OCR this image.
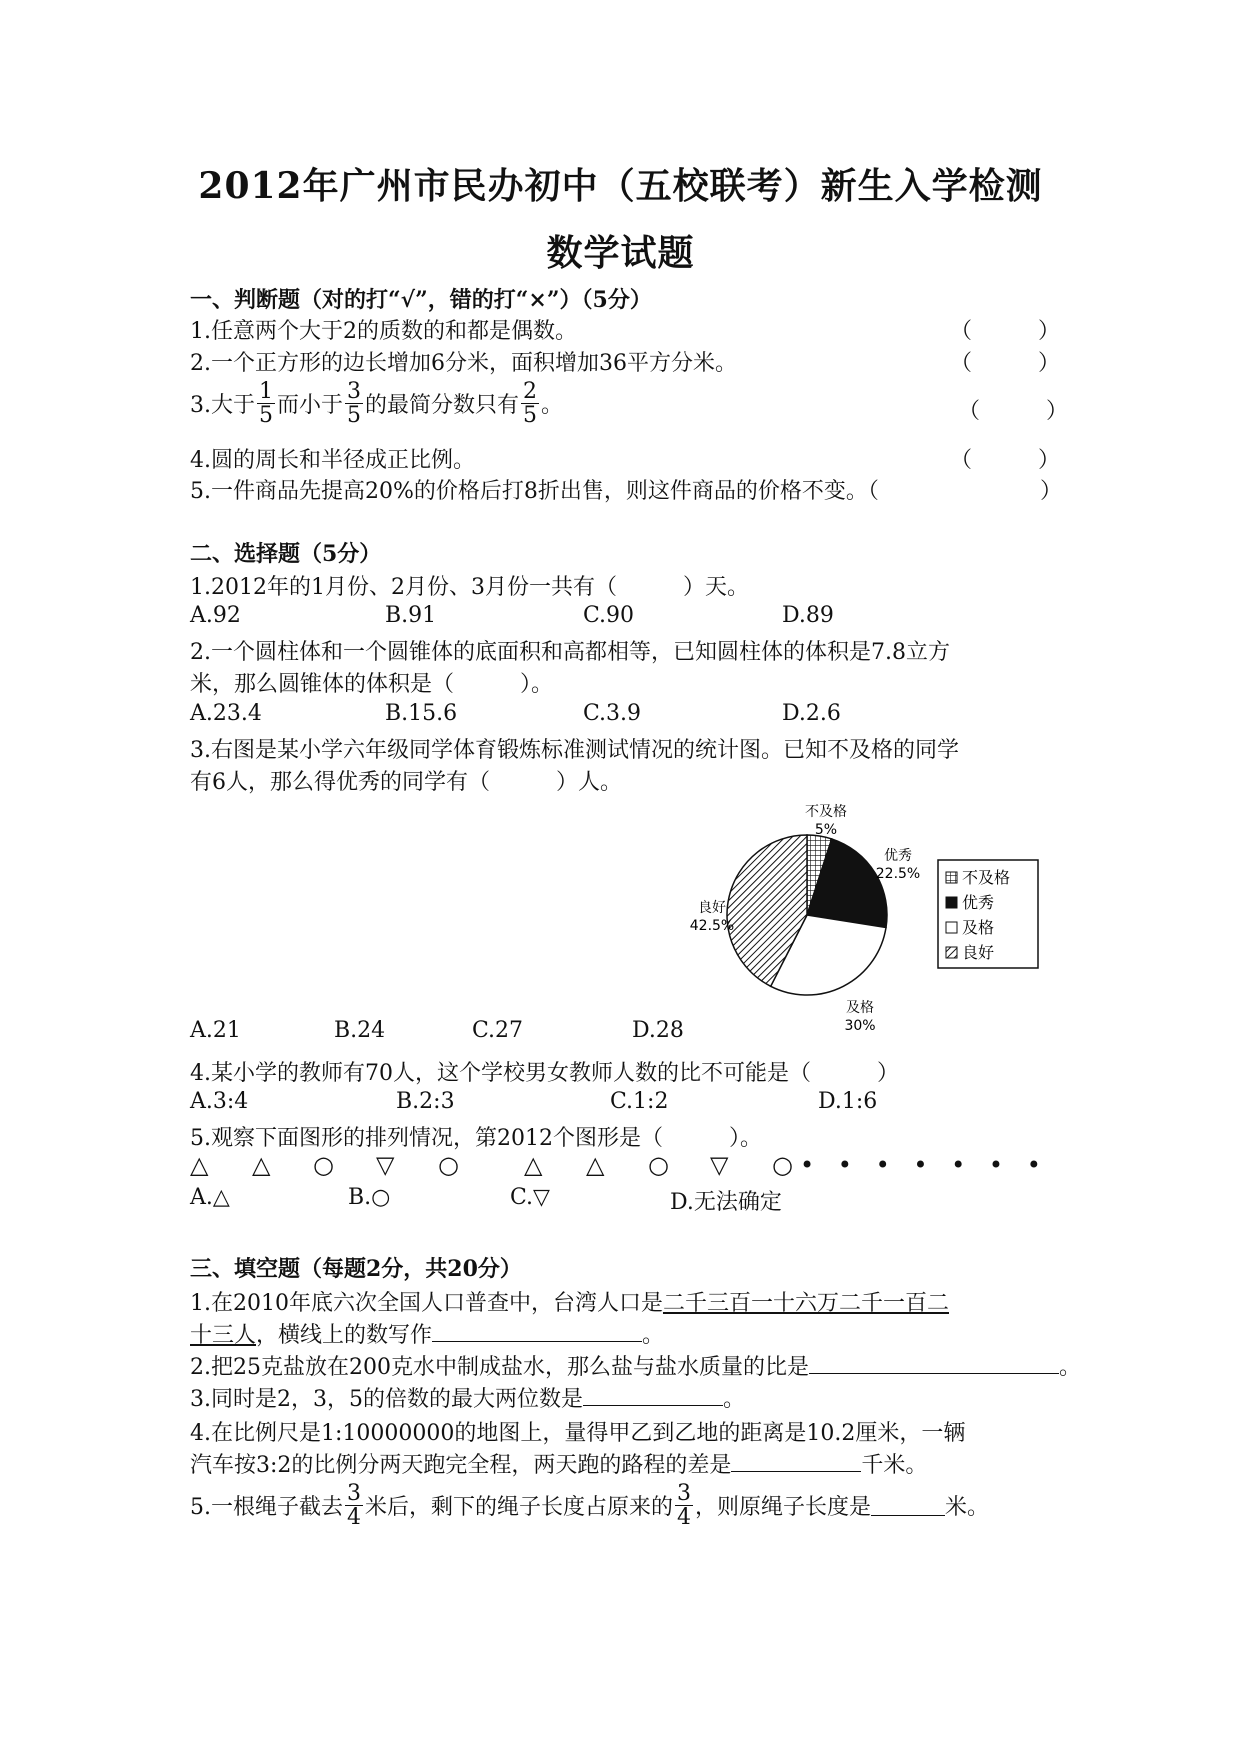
2012年广州市民办初中（五校联考）新生入学检测
数学试题
一、判断题（对的打“√”，错的打“×”）（5分）
1.任意两个大于2的质数的和都是偶数。	（　　　）
2.一个正方形的边长增加6分米，面积增加36平方分米。	（　　　）
3.大于 $\frac{1}{5}$ 而小于 $\frac{3}{5}$ 的最简分数只有 $\frac{2}{5}$ 。	（　　　）
4.圆的周长和半径成正比例。	（　　　）
5.一件商品先提高20%的价格后打8折出售，则这件商品的价格不变。（	）
二、选择题（5分）
1.2012年的1月份、2月份、3月份一共有（　　　）天。
A.92	B.91	C.90	D.89
2.一个圆柱体和一个圆锥体的底面积和高都相等，已知圆柱体的体积是7.8立方
米，那么圆锥体的体积是（　　　）。
A.23.4	B.15.6	C.3.9	D.2.6
3.右图是某小学六年级同学体育锻炼标准测试情况的统计图。已知不及格的同学
有6人，那么得优秀的同学有（　　　）人。
不及格
5%
优秀
22.5%
良好
42.5%
及格
30%
不及格
优秀
及格
良好
A.21	B.24	C.27	D.28
4.某小学的教师有70人，这个学校男女教师人数的比不可能是（　　　）
A.3:4	B.2:3	C.1:2	D.1:6
5.观察下面图形的排列情况，第2012个图形是（　　　）。
△ △ ○ ▽ ○	△ △ ○ ▽ ○ • • • • • • •
A.△	B.○	C.▽	D.无法确定
三、填空题（每题2分，共20分）
1.在2010年底六次全国人口普查中，台湾人口是二千三百一十六万二千一百二
十三人，横线上的数写作	。
2.把25克盐放在200克水中制成盐水，那么盐与盐水质量的比是	。
3.同时是2，3，5的倍数的最大两位数是	。
4.在比例尺是1:10000000的地图上，量得甲乙到乙地的距离是10.2厘米，一辆
汽车按3:2的比例分两天跑完全程，两天跑的路程的差是	千米。
5.一根绳子截去 $\frac{3}{4}$ 米后，剩下的绳子长度占原来的 $\frac{3}{4}$ ，则原绳子长度是	米。
